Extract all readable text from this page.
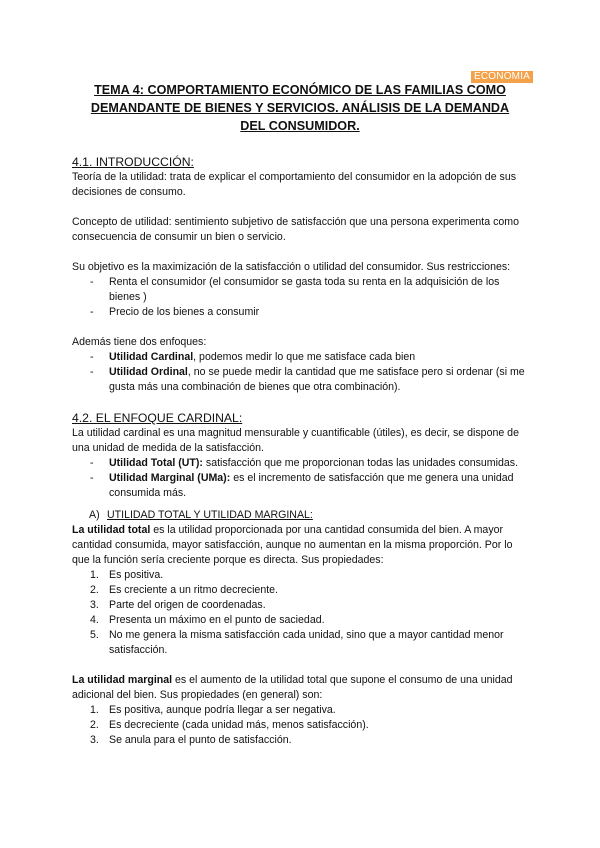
ECONOMIA
TEMA 4: COMPORTAMIENTO ECONÓMICO DE LAS FAMILIAS COMO
DEMANDANTE DE BIENES Y SERVICIOS. ANÁLISIS DE LA DEMANDA
DEL CONSUMIDOR.

4.1. INTRODUCCIÓN:

Teoría de la utilidad: trata de explicar el comportamiento del consumidor en la adopción de sus decisiones de consumo.

Concepto de utilidad: sentimiento subjetivo de satisfacción que una persona experimenta como consecuencia de consumir un bien o servicio.

Su objetivo es la maximización de la satisfacción o utilidad del consumidor. Sus restricciones:

- Renta el consumidor (el consumidor se gasta toda su renta en la adquisición de los bienes )
- Precio de los bienes a consumir

Además tiene dos enfoques:

- Utilidad Cardinal, podemos medir lo que me satisface cada bien
- Utilidad Ordinal, no se puede medir la cantidad que me satisface pero si ordenar (si me gusta más una combinación de bienes que otra combinación).

4.2. EL ENFOQUE CARDINAL:

La utilidad cardinal es una magnitud mensurable y cuantificable (útiles), es decir, se dispone de una unidad de medida de la satisfacción.

- Utilidad Total (UT): satisfacción que me proporcionan todas las unidades consumidas.
- Utilidad Marginal (UMa): es el incremento de satisfacción que me genera una unidad consumida más.

A) UTILIDAD TOTAL Y UTILIDAD MARGINAL:

La utilidad total es la utilidad proporcionada por una cantidad consumida del bien. A mayor cantidad consumida, mayor satisfacción, aunque no aumentan en la misma proporción. Por lo que la función sería creciente porque es directa. Sus propiedades:

1. Es positiva.
2. Es creciente a un ritmo decreciente.
3. Parte del origen de coordenadas.
4. Presenta un máximo en el punto de saciedad.
5. No me genera la misma satisfacción cada unidad, sino que a mayor cantidad menor satisfacción.

La utilidad marginal es el aumento de la utilidad total que supone el consumo de una unidad adicional del bien. Sus propiedades (en general) son:

1. Es positiva, aunque podría llegar a ser negativa.
2. Es decreciente (cada unidad más, menos satisfacción).
3. Se anula para el punto de satisfacción.
